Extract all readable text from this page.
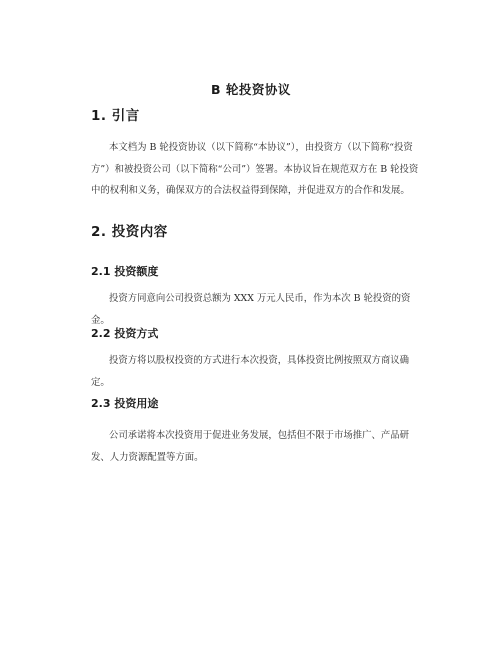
B 轮投资协议
1. 引言
本文档为 B 轮投资协议（以下简称“本协议”），由投资方（以下简称“投资方”）和被投资公司（以下简称“公司”）签署。本协议旨在规范双方在 B 轮投资中的权利和义务，确保双方的合法权益得到保障，并促进双方的合作和发展。
2. 投资内容
2.1 投资额度
投资方同意向公司投资总额为 XXX 万元人民币，作为本次 B 轮投资的资金。
2.2 投资方式
投资方将以股权投资的方式进行本次投资，具体投资比例按照双方商议确定。
2.3 投资用途
公司承诺将本次投资用于促进业务发展，包括但不限于市场推广、产品研发、人力资源配置等方面。
